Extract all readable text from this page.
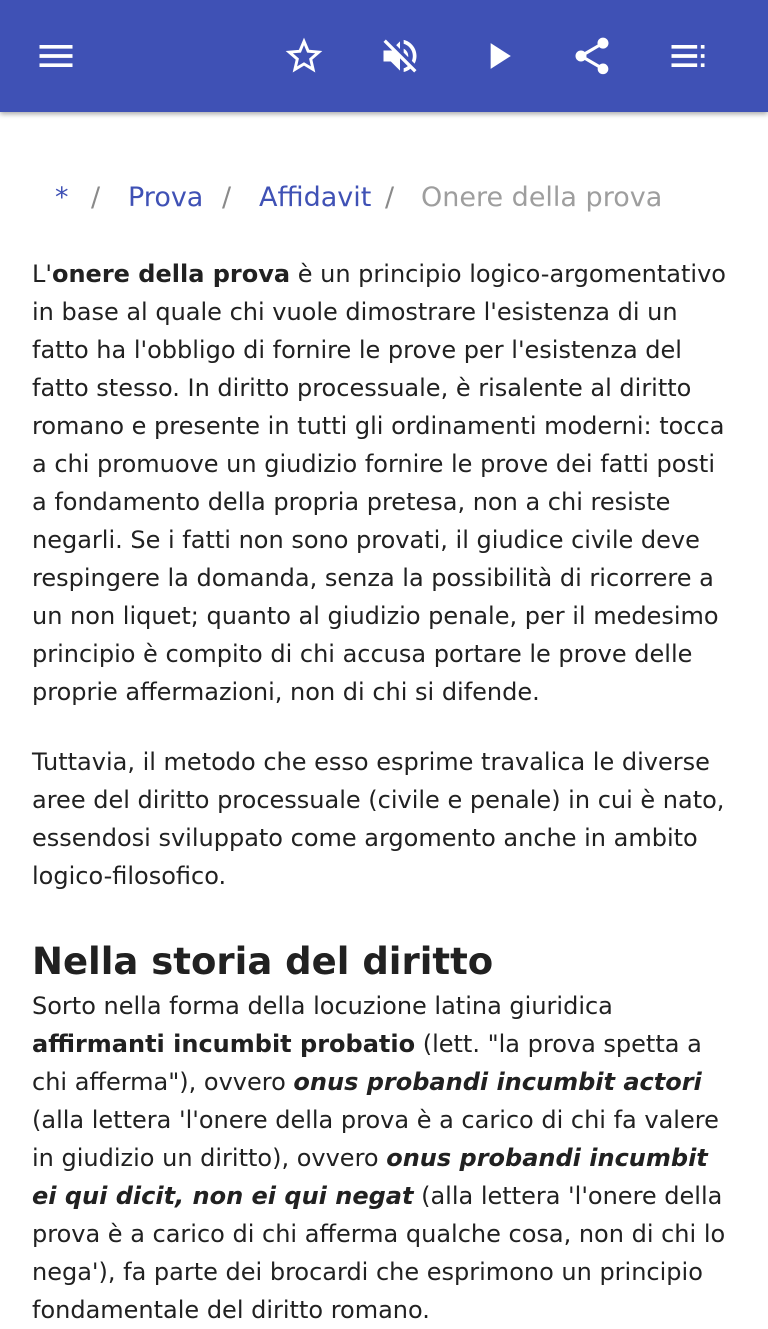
* / Prova / Affidavit / Onere della prova

L'onere della prova è un principio logico-argomentativo in base al quale chi vuole dimostrare l'esistenza di un fatto ha l'obbligo di fornire le prove per l'esistenza del fatto stesso. In diritto processuale, è risalente al diritto romano e presente in tutti gli ordinamenti moderni: tocca a chi promuove un giudizio fornire le prove dei fatti posti a fondamento della propria pretesa, non a chi resiste negarli. Se i fatti non sono provati, il giudice civile deve respingere la domanda, senza la possibilità di ricorrere a un non liquet; quanto al giudizio penale, per il medesimo principio è compito di chi accusa portare le prove delle proprie affermazioni, non di chi si difende.

Tuttavia, il metodo che esso esprime travalica le diverse aree del diritto processuale (civile e penale) in cui è nato, essendosi sviluppato come argomento anche in ambito logico-filosofico.

Nella storia del diritto

Sorto nella forma della locuzione latina giuridica affirmanti incumbit probatio (lett. "la prova spetta a chi afferma"), ovvero onus probandi incumbit actori (alla lettera 'l'onere della prova è a carico di chi fa valere in giudizio un diritto), ovvero onus probandi incumbit ei qui dicit, non ei qui negat (alla lettera 'l'onere della prova è a carico di chi afferma qualche cosa, non di chi lo nega'), fa parte dei brocardi che esprimono un principio fondamentale del diritto romano.
